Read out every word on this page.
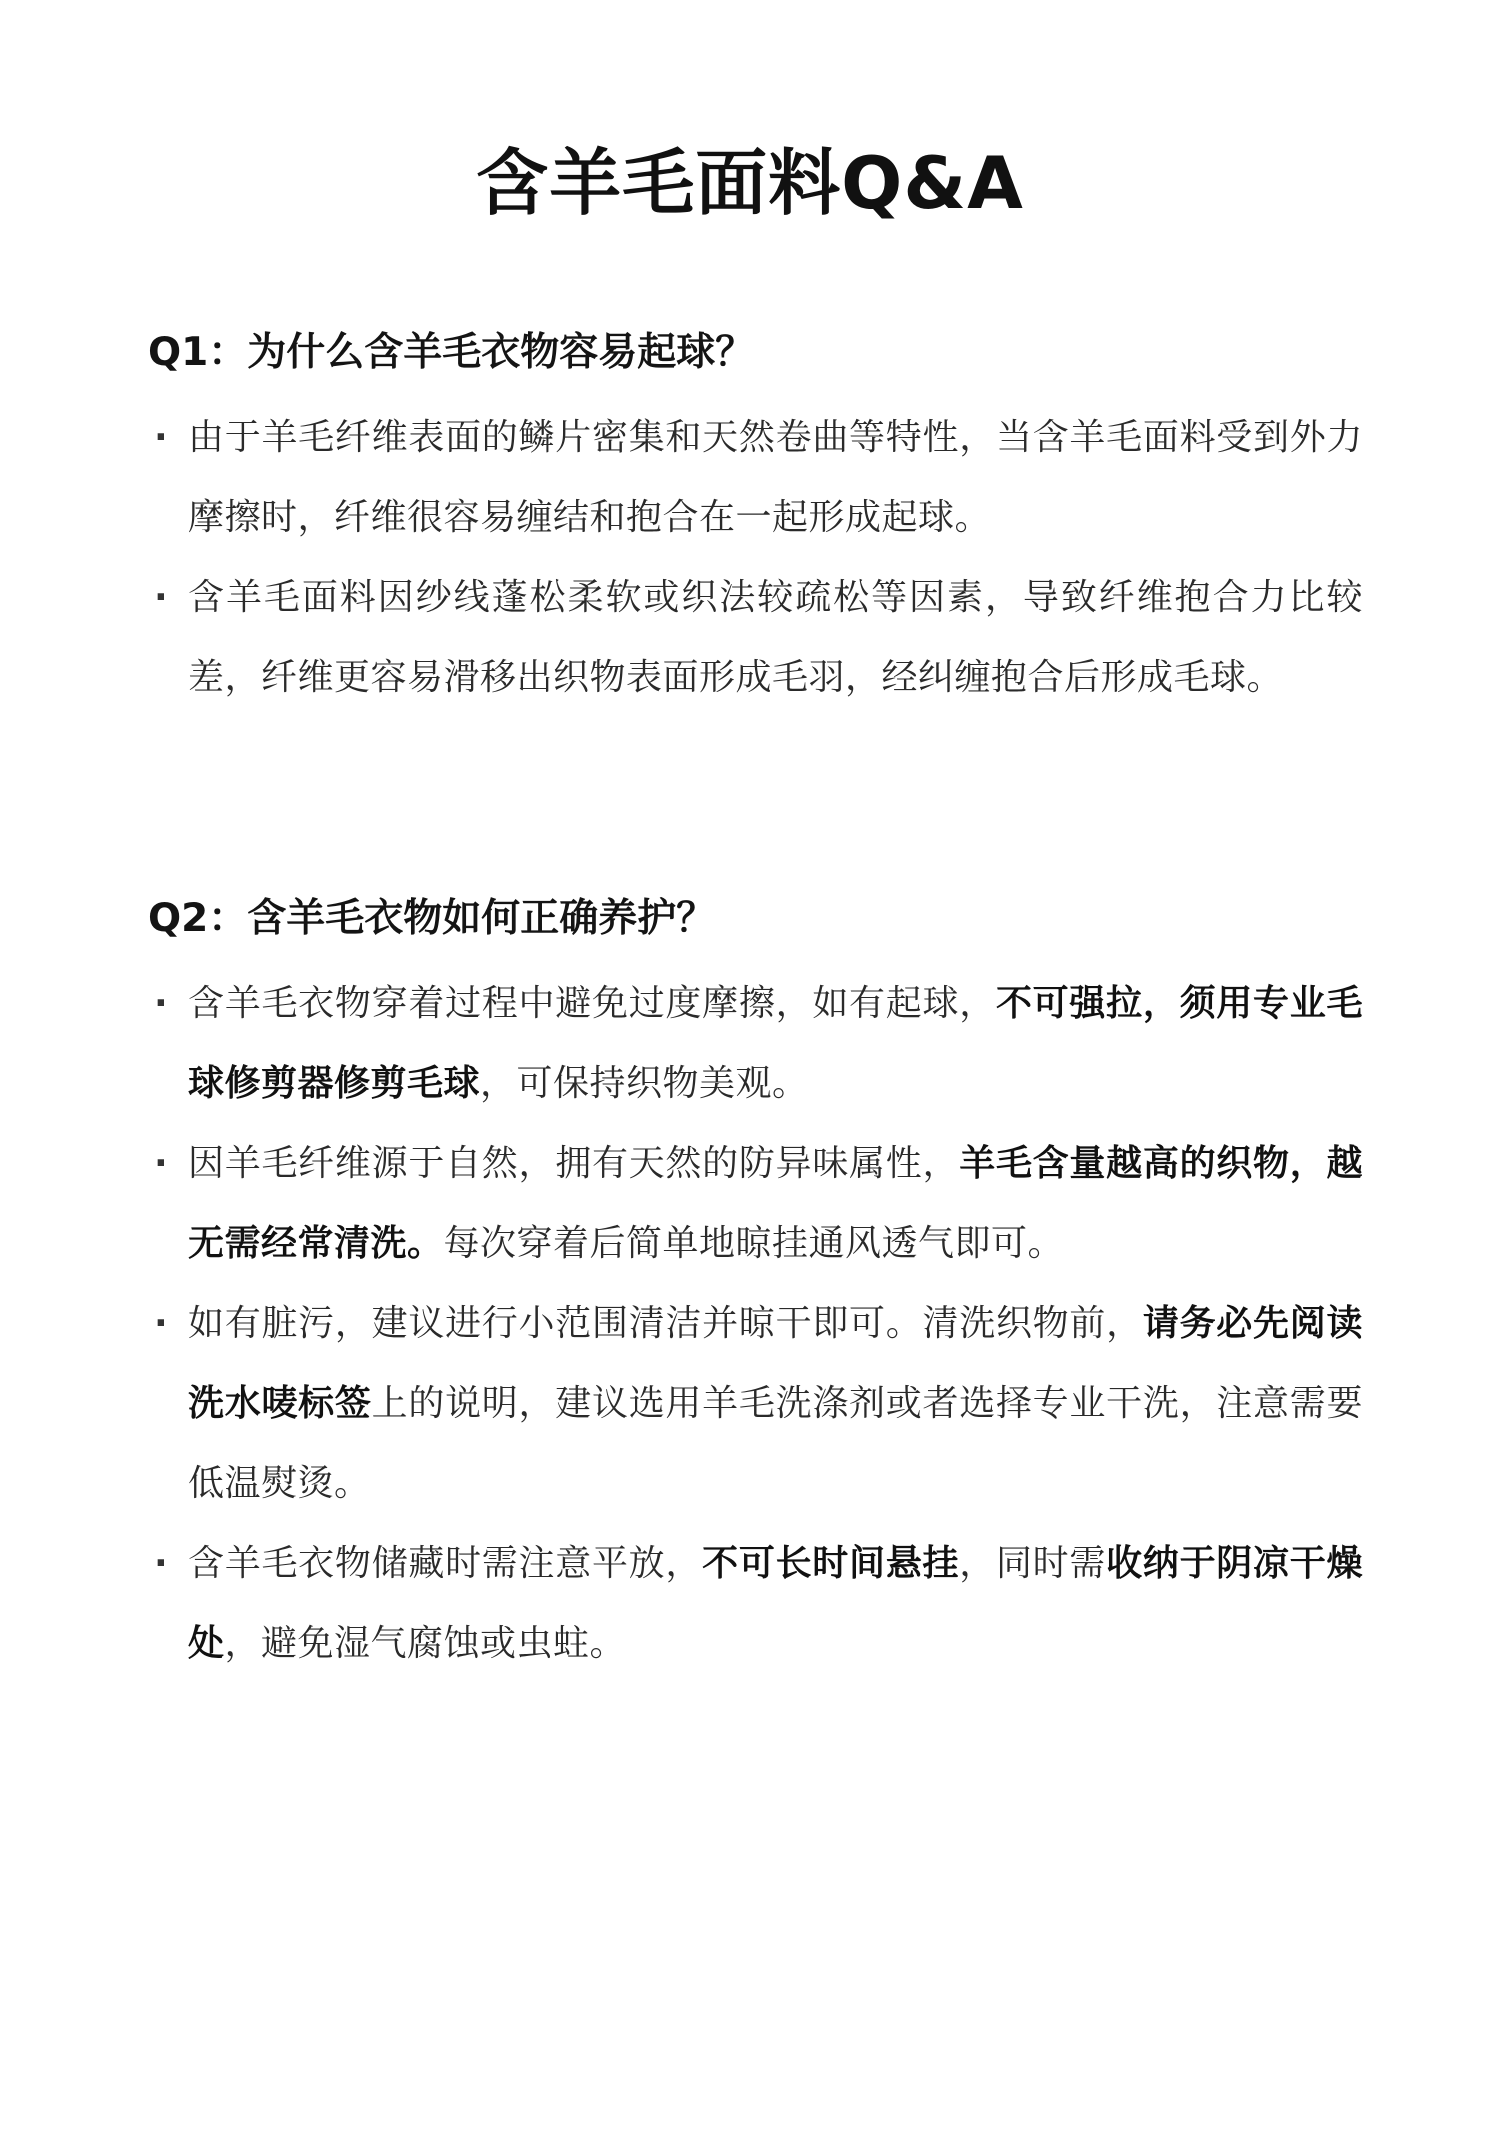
含羊毛面料Q&A
Q1：为什么含羊毛衣物容易起球？
· 由于羊毛纤维表面的鳞片密集和天然卷曲等特性，当含羊毛面料受到外力摩擦时，纤维很容易缠结和抱合在一起形成起球。
· 含羊毛面料因纱线蓬松柔软或织法较疏松等因素，导致纤维抱合力比较差，纤维更容易滑移出织物表面形成毛羽，经纠缠抱合后形成毛球。
Q2：含羊毛衣物如何正确养护？
· 含羊毛衣物穿着过程中避免过度摩擦，如有起球，不可强拉，须用专业毛球修剪器修剪毛球，可保持织物美观。
· 因羊毛纤维源于自然，拥有天然的防异味属性，羊毛含量越高的织物，越无需经常清洗。每次穿着后简单地晾挂通风透气即可。
· 如有脏污，建议进行小范围清洁并晾干即可。清洗织物前，请务必先阅读洗水唛标签上的说明，建议选用羊毛洗涤剂或者选择专业干洗，注意需要低温熨烫。
· 含羊毛衣物储藏时需注意平放，不可长时间悬挂，同时需收纳于阴凉干燥处，避免湿气腐蚀或虫蛀。
